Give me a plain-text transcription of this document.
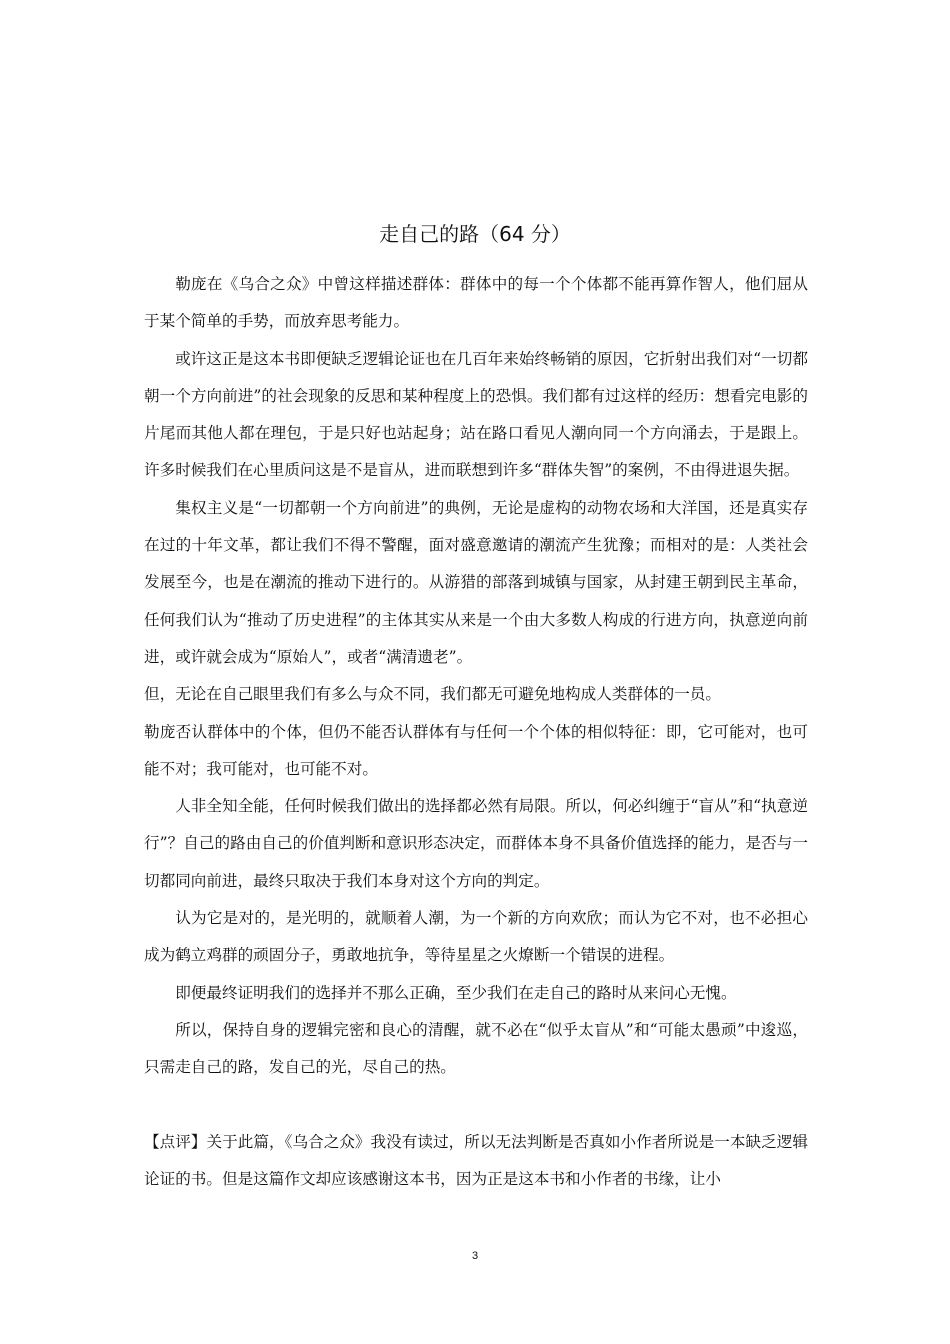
走自己的路（64 分）

勒庞在《乌合之众》中曾这样描述群体：群体中的每一个个体都不能再算作智人，他们屈从于某个简单的手势，而放弃思考能力。

或许这正是这本书即便缺乏逻辑论证也在几百年来始终畅销的原因，它折射出我们对“一切都朝一个方向前进”的社会现象的反思和某种程度上的恐惧。我们都有过这样的经历：想看完电影的片尾而其他人都在理包，于是只好也站起身；站在路口看见人潮向同一个方向涌去，于是跟上。许多时候我们在心里质问这是不是盲从，进而联想到许多“群体失智”的案例，不由得进退失据。

集权主义是“一切都朝一个方向前进”的典例，无论是虚构的动物农场和大洋国，还是真实存在过的十年文革，都让我们不得不警醒，面对盛意邀请的潮流产生犹豫；而相对的是：人类社会发展至今，也是在潮流的推动下进行的。从游猎的部落到城镇与国家，从封建王朝到民主革命，任何我们认为“推动了历史进程”的主体其实从来是一个由大多数人构成的行进方向，执意逆向前进，或许就会成为“原始人”，或者“满清遗老”。

但，无论在自己眼里我们有多么与众不同，我们都无可避免地构成人类群体的一员。

勒庞否认群体中的个体，但仍不能否认群体有与任何一个个体的相似特征：即，它可能对，也可能不对；我可能对，也可能不对。

人非全知全能，任何时候我们做出的选择都必然有局限。所以，何必纠缠于“盲从”和“执意逆行”？自己的路由自己的价值判断和意识形态决定，而群体本身不具备价值选择的能力，是否与一切都同向前进，最终只取决于我们本身对这个方向的判定。

认为它是对的，是光明的，就顺着人潮，为一个新的方向欢欣；而认为它不对，也不必担心成为鹤立鸡群的顽固分子，勇敢地抗争，等待星星之火燎断一个错误的进程。

即便最终证明我们的选择并不那么正确，至少我们在走自己的路时从来问心无愧。

所以，保持自身的逻辑完密和良心的清醒，就不必在“似乎太盲从”和“可能太愚顽”中逡巡，只需走自己的路，发自己的光，尽自己的热。

【点评】关于此篇，《乌合之众》我没有读过，所以无法判断是否真如小作者所说是一本缺乏逻辑论证的书。但是这篇作文却应该感谢这本书，因为正是这本书和小作者的书缘，让小

3
